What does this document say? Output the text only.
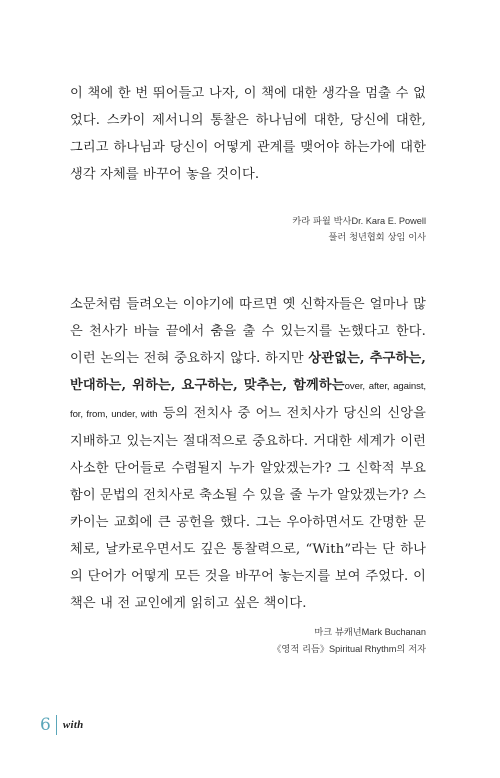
이 책에 한 번 뛰어들고 나자, 이 책에 대한 생각을 멈출 수 없었다. 스카이 제서니의 통찰은 하나님에 대한, 당신에 대한, 그리고 하나님과 당신이 어떻게 관계를 맺어야 하는가에 대한 생각 자체를 바꾸어 놓을 것이다.

카라 파월 박사Dr. Kara E. Powell
풀러 청년협회 상임 이사

소문처럼 들려오는 이야기에 따르면 옛 신학자들은 얼마나 많은 천사가 바늘 끝에서 춤을 출 수 있는지를 논했다고 한다. 이런 논의는 전혀 중요하지 않다. 하지만 상관없는, 추구하는, 반대하는, 위하는, 요구하는, 맞추는, 함께하는over, after, against, for, from, under, with 등의 전치사 중 어느 전치사가 당신의 신앙을 지배하고 있는지는 절대적으로 중요하다. 거대한 세계가 이런 사소한 단어들로 수렴될지 누가 알았겠는가? 그 신학적 부요함이 문법의 전치사로 축소될 수 있을 줄 누가 알았겠는가? 스카이는 교회에 큰 공헌을 했다. 그는 우아하면서도 간명한 문체로, 날카로우면서도 깊은 통찰력으로, “With”라는 단 하나의 단어가 어떻게 모든 것을 바꾸어 놓는지를 보여 주었다. 이 책은 내 전 교인에게 읽히고 싶은 책이다.

마크 뷰캐넌Mark Buchanan
《영적 리듬》Spiritual Rhythm의 저자

6 with
